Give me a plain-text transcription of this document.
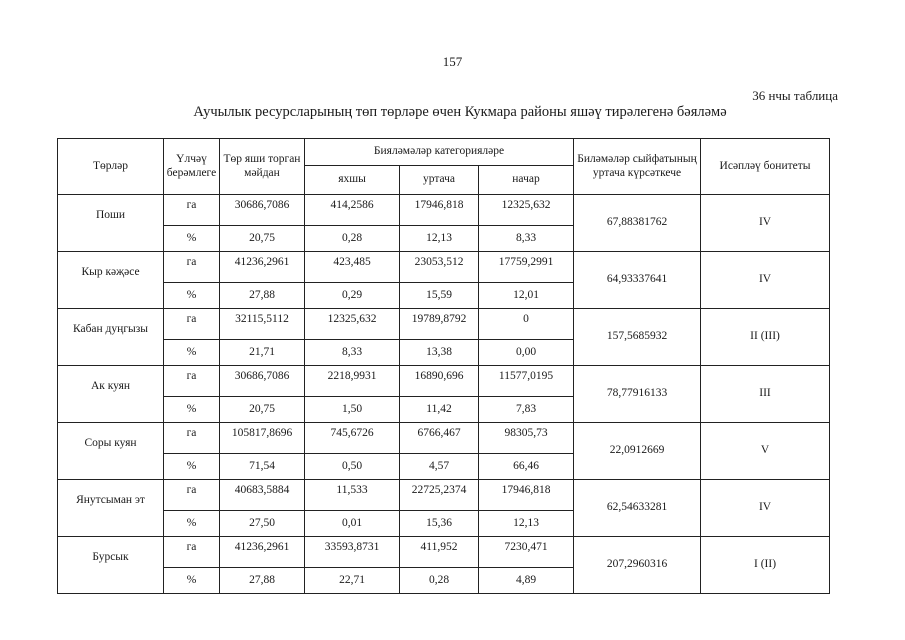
157
36 нчы таблица
Аучылык ресурсларының төп төрләре өчен Кукмара районы яшәү тирәлегенә бәяләмә
Төрләр	Үлчәү берәмлеге	Төр яши торган мәйдан	Бияләмәләр категорияләре			Биләмәләр сыйфатының уртача күрсәткече	Исәпләү бонитеты
			яхшы	уртача	начар		
Поши	га	30686,7086	414,2586	17946,818	12325,632	67,88381762	IV
	%	20,75	0,28	12,13	8,33		
Кыр кәҗәсе	га	41236,2961	423,485	23053,512	17759,2991	64,93337641	IV
	%	27,88	0,29	15,59	12,01		
Кабан дуңгызы	га	32115,5112	12325,632	19789,8792	0	157,5685932	II (III)
	%	21,71	8,33	13,38	0,00		
Ак куян	га	30686,7086	2218,9931	16890,696	11577,0195	78,77916133	III
	%	20,75	1,50	11,42	7,83		
Соры куян	га	105817,8696	745,6726	6766,467	98305,73	22,0912669	V
	%	71,54	0,50	4,57	66,46		
Янутсыман эт	га	40683,5884	11,533	22725,2374	17946,818	62,54633281	IV
	%	27,50	0,01	15,36	12,13		
Бурсык	га	41236,2961	33593,8731	411,952	7230,471	207,2960316	I (II)
	%	27,88	22,71	0,28	4,89		
